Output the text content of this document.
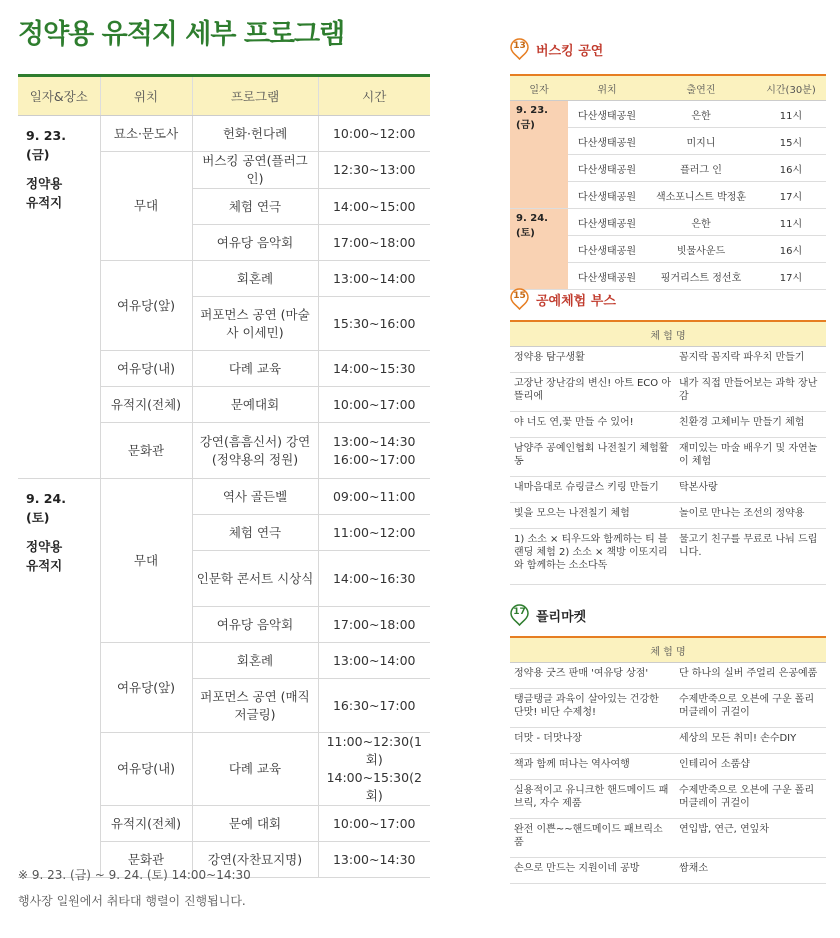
정약용 유적지 세부 프로그램
일자&장소	위치	프로그램	시간

9. 23. (금)
정약용
유적지	묘소·문도사	헌화·헌다례	10:00~12:00
	무대	버스킹 공연(플러그 인)	12:30~13:00
		체험 연극	14:00~15:00
		여유당 음악회	17:00~18:00
	여유당(앞)	회혼례	13:00~14:00
		퍼포먼스 공연 (마술사 이세민)	15:30~16:00
	여유당(내)	다례 교육	14:00~15:30
	유적지(전체)	문예대회	10:00~17:00
	문화관	강연(흠흠신서) 강연(정약용의 정원)	13:00~14:30 16:00~17:00

9. 24. (토)
정약용
유적지	무대	역사 골든벨	09:00~11:00
		체험 연극	11:00~12:00
		인문학 콘서트 시상식	14:00~16:30
		여유당 음악회	17:00~18:00
	여유당(앞)	회혼례	13:00~14:00
		퍼포먼스 공연 (매직저글링)	16:30~17:00
	여유당(내)	다례 교육	11:00~12:30(1회) 14:00~15:30(2회)
	유적지(전체)	문예 대회	10:00~17:00
	문화관	강연(자찬묘지명)	13:00~14:30
※ 9. 23. (금) ~ 9. 24. (토) 14:00~14:30
행사장 일원에서 취타대 행렬이 진행됩니다.
13 버스킹 공연
일자	위치	출연진	시간(30분)
9. 23. (금)	다산생태공원	은한	11시
	다산생태공원	미지니	15시
	다산생태공원	플러그 인	16시
	다산생태공원	색소포니스트 박정훈	17시
9. 24. (토)	다산생태공원	은한	11시
	다산생태공원	빗물사운드	16시
	다산생태공원	핑거리스트 정선호	17시
15 공예체험 부스
체 험 명	
정약용 탐구생활	꼼지락 꼼지락 파우치 만들기
고장난 장난감의 변신! 아트 ECO 아뜰리에	내가 직접 만들어보는 과학 장난감
야 너도 연,꽃 만들 수 있어!	친환경 고체비누 만들기 체험
남양주 공예인협회 나전칠기 체험활동	재미있는 마술 배우기 및 자연놀이 체험
내마음대로 슈링클스 키링 만들기	탁본사랑
빛을 모으는 나전칠기 체험	놀이로 만나는 조선의 정약용
1) 소소 × 티우드와 함께하는 티 블랜딩 체험 2) 소소 × 책방 이또지리와 함께하는 소소다독	물고기 친구를 무료로 나눠 드립니다.
17 플리마켓
체 험 명	
정약용 굿즈 판매 '여유당 상점'	단 하나의 실버 주얼리 은공예품
탱글탱글 과육이 살아있는 건강한 단맛! 비단 수제청!	수제반죽으로 오븐에 구운 폴리머클레이 귀걸이
더맛 - 더맛나장	세상의 모든 취미! 손수DIY
책과 함께 떠나는 역사여행	인테리어 소품샵
실용적이고 유니크한 핸드메이드 패브릭, 자수 제품	수제반죽으로 오븐에 구운 폴리머클레이 귀걸이
완전 이쁜~~핸드메이드 패브릭소품	연입밥, 연근, 연잎차
손으로 만드는 지원이네 공방	쌈채소
